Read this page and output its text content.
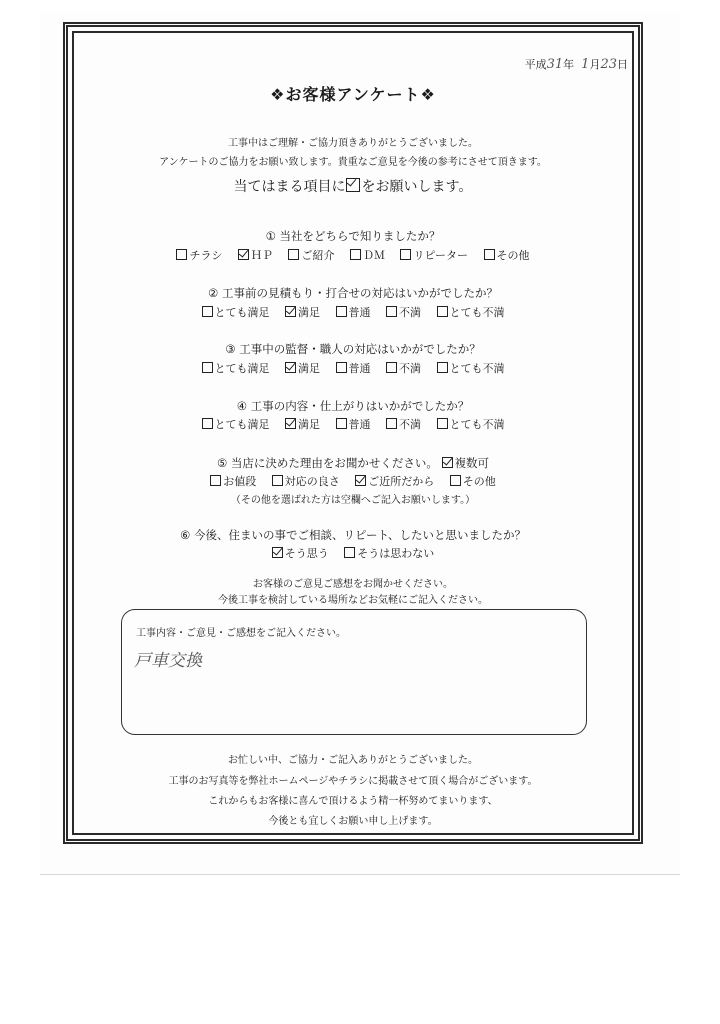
平成31年 1月23日
❖お客様アンケート❖
工事中はご理解・ご協力頂きありがとうございました。
アンケートのご協力をお願い致します。貴重なご意見を今後の参考にさせて頂きます。
当てはまる項目に をお願いします。
① 当社をどちらで知りましたか？
チラシ	ＨＰ	ご紹介	ＤＭ	リピーター	その他
② 工事前の見積もり・打合せの対応はいかがでしたか？
とても満足	満足	普通	不満	とても不満
③ 工事中の監督・職人の対応はいかがでしたか？
とても満足	満足	普通	不満	とても不満
④ 工事の内容・仕上がりはいかがでしたか？
とても満足	満足	普通	不満	とても不満
⑤ 当店に決めた理由をお聞かせください。 複数可
お値段	対応の良さ	ご近所だから	その他
（その他を選ばれた方は空欄へご記入お願いします。）
⑥ 今後、住まいの事でご相談、リピート、したいと思いましたか？
そう思う	そうは思わない
お客様のご意見ご感想をお聞かせください。
今後工事を検討している場所などお気軽にご記入ください。
工事内容・ご意見・ご感想をご記入ください。
戸車交換
お忙しい中、ご協力・ご記入ありがとうございました。
工事のお写真等を弊社ホームページやチラシに掲載させて頂く場合がございます。
これからもお客様に喜んで頂けるよう精一杯努めてまいります、
今後とも宜しくお願い申し上げます。
